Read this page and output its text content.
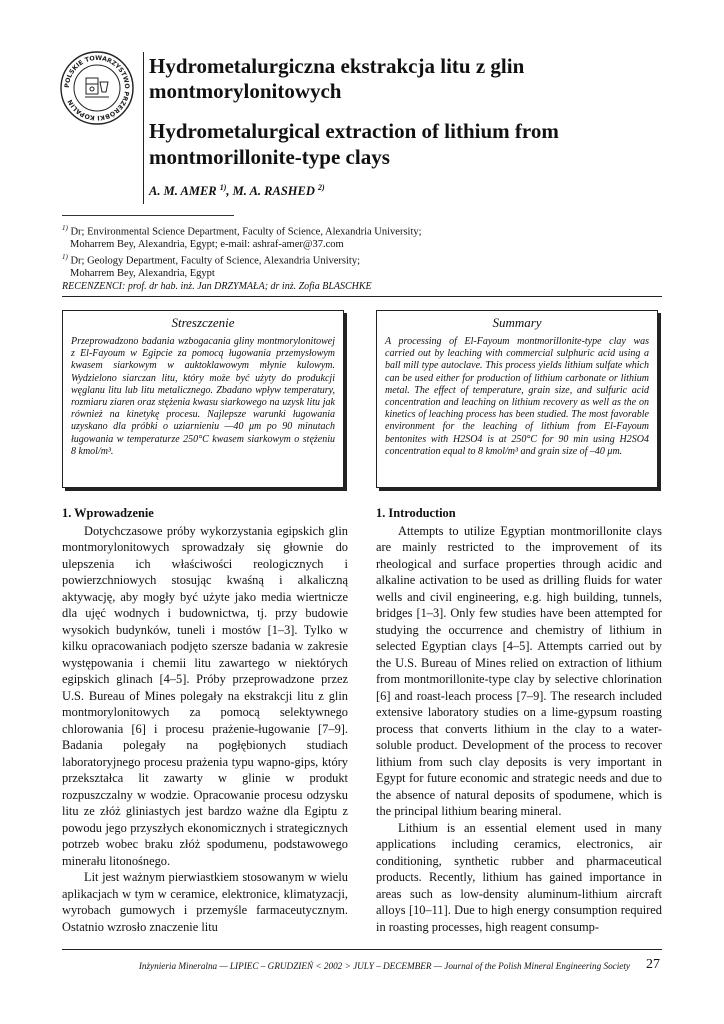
POLSKIE TOWARZYSTWO PRZERÓBKI KOPALIN
Hydrometalurgiczna ekstrakcja litu z glin montmorylonitowych
Hydrometalurgical extraction of lithium from montmorillonite-type clays
A. M. AMER $^{1)}$, M. A. RASHED $^{2)}$
$^{1)}$ Dr; Environmental Science Department, Faculty of Science, Alexandria University;
Moharrem Bey, Alexandria, Egypt; e-mail: ashraf-amer@37.com
$^{1)}$ Dr; Geology Department, Faculty of Science, Alexandria University;
Moharrem Bey, Alexandria, Egypt
RECENZENCI: prof. dr hab. inż. Jan DRZYMAŁA; dr inż. Zofia BLASCHKE
Streszczenie

Przeprowadzono badania wzbogacania gliny montmorylonitowej z El-Fayoum w Egipcie za pomocą ługowania przemysłowym kwasem siarkowym w auktoklawowym młynie kulowym. Wydzielono siarczan litu, który może być użyty do produkcji węglanu litu lub litu metalicznego. Zbadano wpływ temperatury, rozmiaru ziaren oraz stężenia kwasu siarkowego na uzysk litu jak również na kinetykę procesu. Najlepsze warunki ługowania uzyskano dla próbki o uziarnieniu —40 μm po 90 minutach ługowania w temperaturze 250°C kwasem siarkowym o stężeniu 8 kmol/m³.

Summary

A processing of El-Fayoum montmorillonite-type clay was carried out by leaching with commercial sulphuric acid using a ball mill type autoclave. This process yields lithium sulfate which can be used either for production of lithium carbonate or lithium metal. The effect of temperature, grain size, and sulfuric acid concentration and leaching on lithium recovery as well as the on kinetics of leaching process has been studied. The most favorable environment for the leaching of lithium from El-Fayoum bentonites with H2SO4 is at 250°C for 90 min using H2SO4 concentration equal to 8 kmol/m³ and grain size of –40 μm.

1. Wprowadzenie

Dotychczasowe próby wykorzystania egipskich glin montmorylonitowych sprowadzały się głownie do ulepszenia ich właściwości reologicznych i powierzchniowych stosując kwaśną i alkaliczną aktywację, aby mogły być użyte jako media wiertnicze dla ujęć wodnych i budownictwa, tj. przy budowie wysokich budynków, tuneli i mostów [1–3]. Tylko w kilku opracowaniach podjęto szersze badania w zakresie występowania i chemii litu zawartego w niektórych egipskich glinach [4–5]. Próby przeprowadzone przez U.S. Bureau of Mines polegały na ekstrakcji litu z glin montmorylonitowych za pomocą selektywnego chlorowania [6] i procesu prażenie-ługowanie [7–9]. Badania polegały na pogłębionych studiach laboratoryjnego procesu prażenia typu wapno-gips, który przekształca lit zawarty w glinie w produkt rozpuszczalny w wodzie. Opracowanie procesu odzysku litu ze złóż gliniastych jest bardzo ważne dla Egiptu z powodu jego przyszłych ekonomicznych i strategicznych potrzeb wobec braku złóż spodumenu, podstawowego minerału litonośnego.

Lit jest ważnym pierwiastkiem stosowanym w wielu aplikacjach w tym w ceramice, elektronice, klimatyzacji, wyrobach gumowych i przemyśle farmaceutycznym. Ostatnio wzrosło znaczenie litu

1. Introduction

Attempts to utilize Egyptian montmorillonite clays are mainly restricted to the improvement of its rheological and surface properties through acidic and alkaline activation to be used as drilling fluids for water wells and civil engineering, e.g. high building, tunnels, bridges [1–3]. Only few studies have been attempted for studying the occurrence and chemistry of lithium in selected Egyptian clays [4–5]. Attempts carried out by the U.S. Bureau of Mines relied on extraction of lithium from montmorillonite-type clay by selective chlorination [6] and roast-leach process [7–9]. The research included extensive laboratory studies on a lime-gypsum roasting process that converts lithium in the clay to a water-soluble product. Development of the process to recover lithium from such clay deposits is very important in Egypt for future economic and strategic needs and due to the absence of natural deposits of spodumene, which is the principal lithium bearing mineral.

Lithium is an essential element used in many applications including ceramics, electronics, air conditioning, synthetic rubber and pharmaceutical products. Recently, lithium has gained importance in areas such as low-density aluminum-lithium aircraft alloys [10–11]. Due to high energy consumption required in roasting processes, high reagent consump-

Inżynieria Mineralna — LIPIEC – GRUDZIEŃ < 2002 > JULY – DECEMBER — Journal of the Polish Mineral Engineering Society 27
